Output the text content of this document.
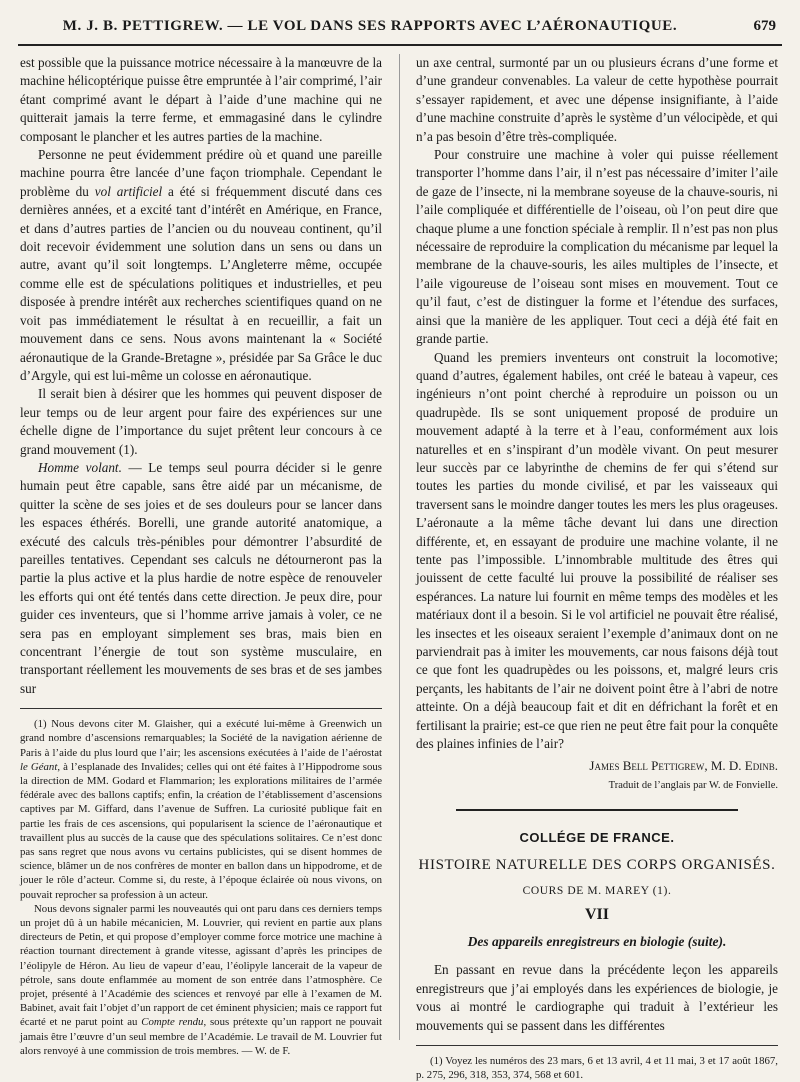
M. J. B. PETTIGREW. — LE VOL DANS SES RAPPORTS AVEC L’AÉRONAUTIQUE.	679

est possible que la puissance motrice nécessaire à la manœuvre de la machine hélicoptérique puisse être empruntée à l’air comprimé, l’air étant comprimé avant le départ à l’aide d’une machine qui ne quitterait jamais la terre ferme, et emmagasiné dans le cylindre composant le plancher et les autres parties de la machine.

Personne ne peut évidemment prédire où et quand une pareille machine pourra être lancée d’une façon triomphale. Cependant le problème du vol artificiel a été si fréquemment discuté dans ces dernières années, et a excité tant d’intérêt en Amérique, en France, et dans d’autres parties de l’ancien ou du nouveau continent, qu’il doit recevoir évidemment une solution dans un sens ou dans un autre, avant qu’il soit longtemps. L’Angleterre même, occupée comme elle est de spéculations politiques et industrielles, et peu disposée à prendre intérêt aux recherches scientifiques quand on ne voit pas immédiatement le résultat à en recueillir, a fait un mouvement dans ce sens. Nous avons maintenant la « Société aéronautique de la Grande-Bretagne », présidée par Sa Grâce le duc d’Argyle, qui est lui-même un colosse en aéronautique.

Il serait bien à désirer que les hommes qui peuvent disposer de leur temps ou de leur argent pour faire des expériences sur une échelle digne de l’importance du sujet prêtent leur concours à ce grand mouvement (1).

Homme volant. — Le temps seul pourra décider si le genre humain peut être capable, sans être aidé par un mécanisme, de quitter la scène de ses joies et de ses douleurs pour se lancer dans les espaces éthérés. Borelli, une grande autorité anatomique, a exécuté des calculs très-pénibles pour démontrer l’absurdité de pareilles tentatives. Cependant ses calculs ne détourneront pas la partie la plus active et la plus hardie de notre espèce de renouveler les efforts qui ont été tentés dans cette direction. Je peux dire, pour guider ces inventeurs, que si l’homme arrive jamais à voler, ce ne sera pas en employant simplement ses bras, mais bien en concentrant l’énergie de tout son système musculaire, en transportant réellement les mouvements de ses bras et de ses jambes sur

(1) Nous devons citer M. Glaisher, qui a exécuté lui-même à Greenwich un grand nombre d’ascensions remarquables; la Société de la navigation aérienne de Paris à l’aide du plus lourd que l’air; les ascensions exécutées à l’aide de l’aérostat le Géant, à l’esplanade des Invalides; celles qui ont été faites à l’Hippodrome sous la direction de MM. Godard et Flammarion; les explorations militaires de l’armée fédérale avec des ballons captifs; enfin, la création de l’établissement d’ascensions captives par M. Giffard, dans l’avenue de Suffren. La curiosité publique fait en partie les frais de ces ascensions, qui popularisent la science de l’aéronautique et travaillent plus au succès de la cause que des spéculations solitaires. Ce n’est donc pas sans regret que nous avons vu certains publicistes, qui se disent hommes de science, blâmer un de nos confrères de monter en ballon dans un hippodrome, et de jouer le rôle d’acteur. Comme si, du reste, à l’époque éclairée où nous vivons, on pouvait reprocher sa profession à un acteur.

Nous devons signaler parmi les nouveautés qui ont paru dans ces derniers temps un projet dû à un habile mécanicien, M. Louvrier, qui revient en partie aux plans directeurs de Petin, et qui propose d’employer comme force motrice une machine à réaction tournant directement à grande vitesse, agissant d’après les principes de l’éolipyle de Héron. Au lieu de vapeur d’eau, l’éolipyle lancerait de la vapeur de pétrole, sans doute enflammée au moment de son entrée dans l’atmosphère. Ce projet, présenté à l’Académie des sciences et renvoyé par elle à l’examen de M. Babinet, avait fait l’objet d’un rapport de cet éminent physicien; mais ce rapport fut écarté et ne parut point au Compte rendu, sous prétexte qu’un rapport ne pouvait jamais être l’œuvre d’un seul membre de l’Académie. Le travail de M. Louvrier fut alors renvoyé à une commission de trois membres. — W. de F.

un axe central, surmonté par un ou plusieurs écrans d’une forme et d’une grandeur convenables. La valeur de cette hypothèse pourrait s’essayer rapidement, et avec une dépense insignifiante, à l’aide d’une machine construite d’après le système d’un vélocipède, et qui n’a pas besoin d’être très-compliquée.

Pour construire une machine à voler qui puisse réellement transporter l’homme dans l’air, il n’est pas nécessaire d’imiter l’aile de gaze de l’insecte, ni la membrane soyeuse de la chauve-souris, ni l’aile compliquée et différentielle de l’oiseau, où l’on peut dire que chaque plume a une fonction spéciale à remplir. Il n’est pas non plus nécessaire de reproduire la complication du mécanisme par lequel la membrane de la chauve-souris, les ailes multiples de l’insecte, et l’aile vigoureuse de l’oiseau sont mises en mouvement. Tout ce qu’il faut, c’est de distinguer la forme et l’étendue des surfaces, ainsi que la manière de les appliquer. Tout ceci a déjà été fait en grande partie.

Quand les premiers inventeurs ont construit la locomotive; quand d’autres, également habiles, ont créé le bateau à vapeur, ces ingénieurs n’ont point cherché à reproduire un poisson ou un quadrupède. Ils se sont uniquement proposé de produire un mouvement adapté à la terre et à l’eau, conformément aux lois naturelles et en s’inspirant d’un modèle vivant. On peut mesurer leur succès par ce labyrinthe de chemins de fer qui s’étend sur toutes les parties du monde civilisé, et par les vaisseaux qui traversent sans le moindre danger toutes les mers les plus orageuses. L’aéronaute a la même tâche devant lui dans une direction différente, et, en essayant de produire une machine volante, il ne tente pas l’impossible. L’innombrable multitude des êtres qui jouissent de cette faculté lui prouve la possibilité de réaliser ses espérances. La nature lui fournit en même temps des modèles et les matériaux dont il a besoin. Si le vol artificiel ne pouvait être réalisé, les insectes et les oiseaux seraient l’exemple d’animaux dont on ne parviendrait pas à imiter les mouvements, car nous faisons déjà tout ce que font les quadrupèdes ou les poissons, et, malgré leurs cris perçants, les habitants de l’air ne doivent point être à l’abri de notre atteinte. On a déjà beaucoup fait et dit en défrichant la forêt et en fertilisant la prairie; est-ce que rien ne peut être fait pour la conquête des plaines infinies de l’air?

James Bell Pettigrew, M. D. Edinb.
Traduit de l’anglais par W. de Fonvielle.
COLLÉGE DE FRANCE.
HISTOIRE NATURELLE DES CORPS ORGANISÉS.
COURS DE M. MAREY (1).
VII
Des appareils enregistreurs en biologie (suite).

En passant en revue dans la précédente leçon les appareils enregistreurs que j’ai employés dans les expériences de biologie, je vous ai montré le cardiographe qui traduit à l’extérieur les mouvements qui se passent dans les différentes

(1) Voyez les numéros des 23 mars, 6 et 13 avril, 4 et 11 mai, 3 et 17 août 1867, p. 275, 296, 318, 353, 374, 568 et 601.
